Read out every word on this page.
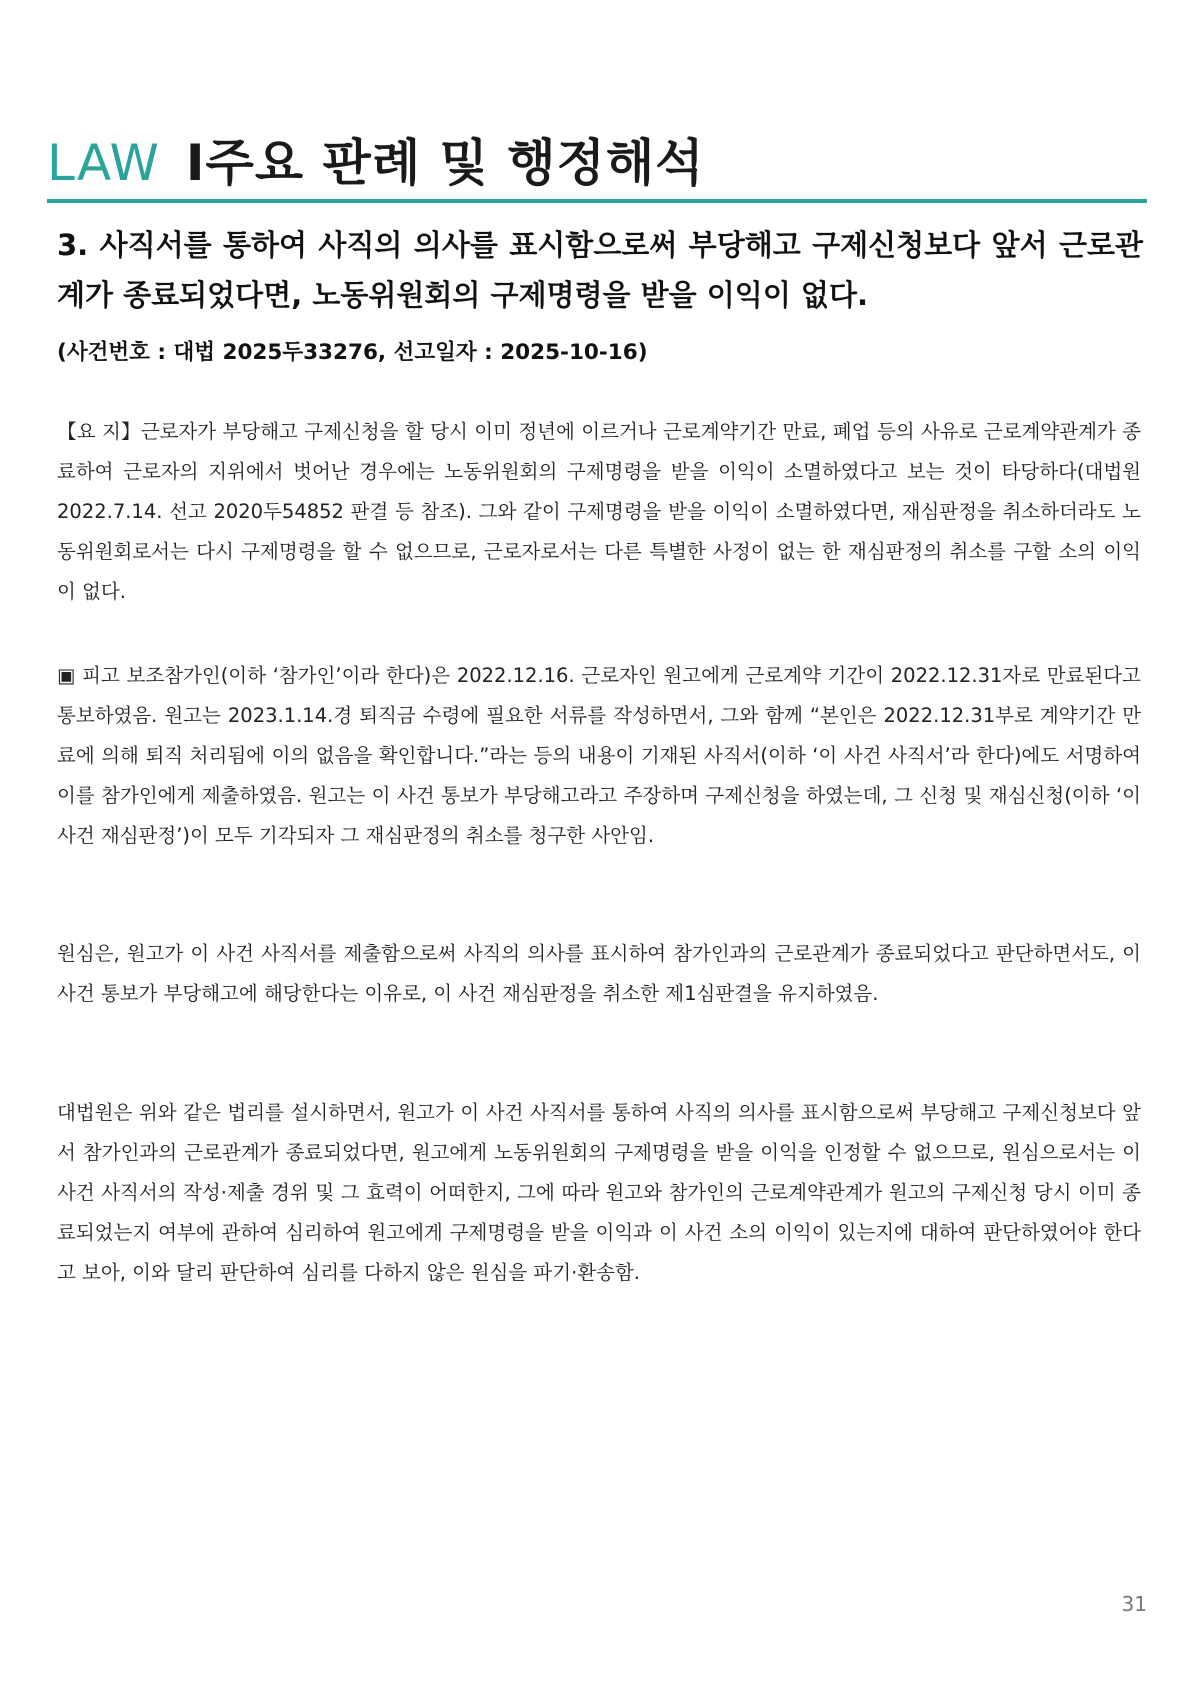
LAW Ⅰ주요 판례 및 행정해석
3. 사직서를 통하여 사직의 의사를 표시함으로써 부당해고 구제신청보다 앞서 근로관계가 종료되었다면, 노동위원회의 구제명령을 받을 이익이 없다.
(사건번호 : 대법 2025두33276, 선고일자 : 2025-10-16)
【요 지】근로자가 부당해고 구제신청을 할 당시 이미 정년에 이르거나 근로계약기간 만료, 폐업 등의 사유로 근로계약관계가 종료하여 근로자의 지위에서 벗어난 경우에는 노동위원회의 구제명령을 받을 이익이 소멸하였다고 보는 것이 타당하다(대법원 2022.7.14. 선고 2020두54852 판결 등 참조). 그와 같이 구제명령을 받을 이익이 소멸하였다면, 재심판정을 취소하더라도 노동위원회로서는 다시 구제명령을 할 수 없으므로, 근로자로서는 다른 특별한 사정이 없는 한 재심판정의 취소를 구할 소의 이익이 없다.
▣ 피고 보조참가인(이하 ‘참가인’이라 한다)은 2022.12.16. 근로자인 원고에게 근로계약 기간이 2022.12.31자로 만료된다고 통보하였음. 원고는 2023.1.14.경 퇴직금 수령에 필요한 서류를 작성하면서, 그와 함께 “본인은 2022.12.31부로 계약기간 만료에 의해 퇴직 처리됨에 이의 없음을 확인합니다.”라는 등의 내용이 기재된 사직서(이하 ‘이 사건 사직서’라 한다)에도 서명하여 이를 참가인에게 제출하였음. 원고는 이 사건 통보가 부당해고라고 주장하며 구제신청을 하였는데, 그 신청 및 재심신청(이하 ‘이 사건 재심판정’)이 모두 기각되자 그 재심판정의 취소를 청구한 사안임.
원심은, 원고가 이 사건 사직서를 제출함으로써 사직의 의사를 표시하여 참가인과의 근로관계가 종료되었다고 판단하면서도, 이 사건 통보가 부당해고에 해당한다는 이유로, 이 사건 재심판정을 취소한 제1심판결을 유지하였음.
대법원은 위와 같은 법리를 설시하면서, 원고가 이 사건 사직서를 통하여 사직의 의사를 표시함으로써 부당해고 구제신청보다 앞서 참가인과의 근로관계가 종료되었다면, 원고에게 노동위원회의 구제명령을 받을 이익을 인정할 수 없으므로, 원심으로서는 이 사건 사직서의 작성·제출 경위 및 그 효력이 어떠한지, 그에 따라 원고와 참가인의 근로계약관계가 원고의 구제신청 당시 이미 종료되었는지 여부에 관하여 심리하여 원고에게 구제명령을 받을 이익과 이 사건 소의 이익이 있는지에 대하여 판단하였어야 한다고 보아, 이와 달리 판단하여 심리를 다하지 않은 원심을 파기·환송함.
31
